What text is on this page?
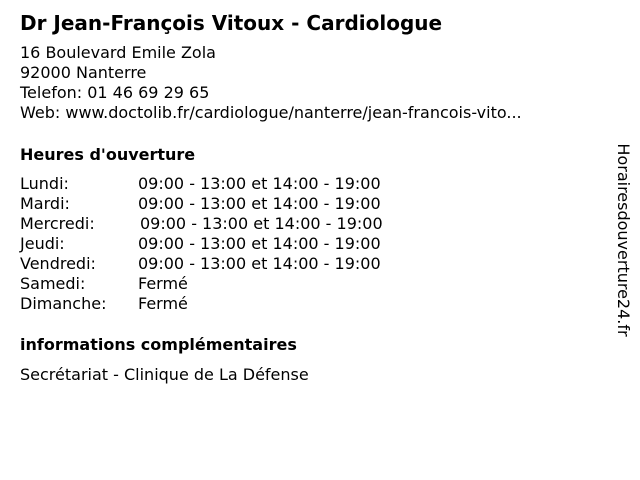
Dr Jean-François Vitoux - Cardiologue
16 Boulevard Emile Zola
92000 Nanterre
Telefon: 01 46 69 29 65
Web: www.doctolib.fr/cardiologue/nanterre/jean-francois-vito...
Heures d'ouverture
Lundi:	09:00 - 13:00 et 14:00 - 19:00
Mardi:	09:00 - 13:00 et 14:00 - 19:00
Mercredi:	09:00 - 13:00 et 14:00 - 19:00
Jeudi:	09:00 - 13:00 et 14:00 - 19:00
Vendredi:	09:00 - 13:00 et 14:00 - 19:00
Samedi:	Fermé
Dimanche: Fermé
informations complémentaires
Secrétariat - Clinique de La Défense
Horairesdouverture24.fr
